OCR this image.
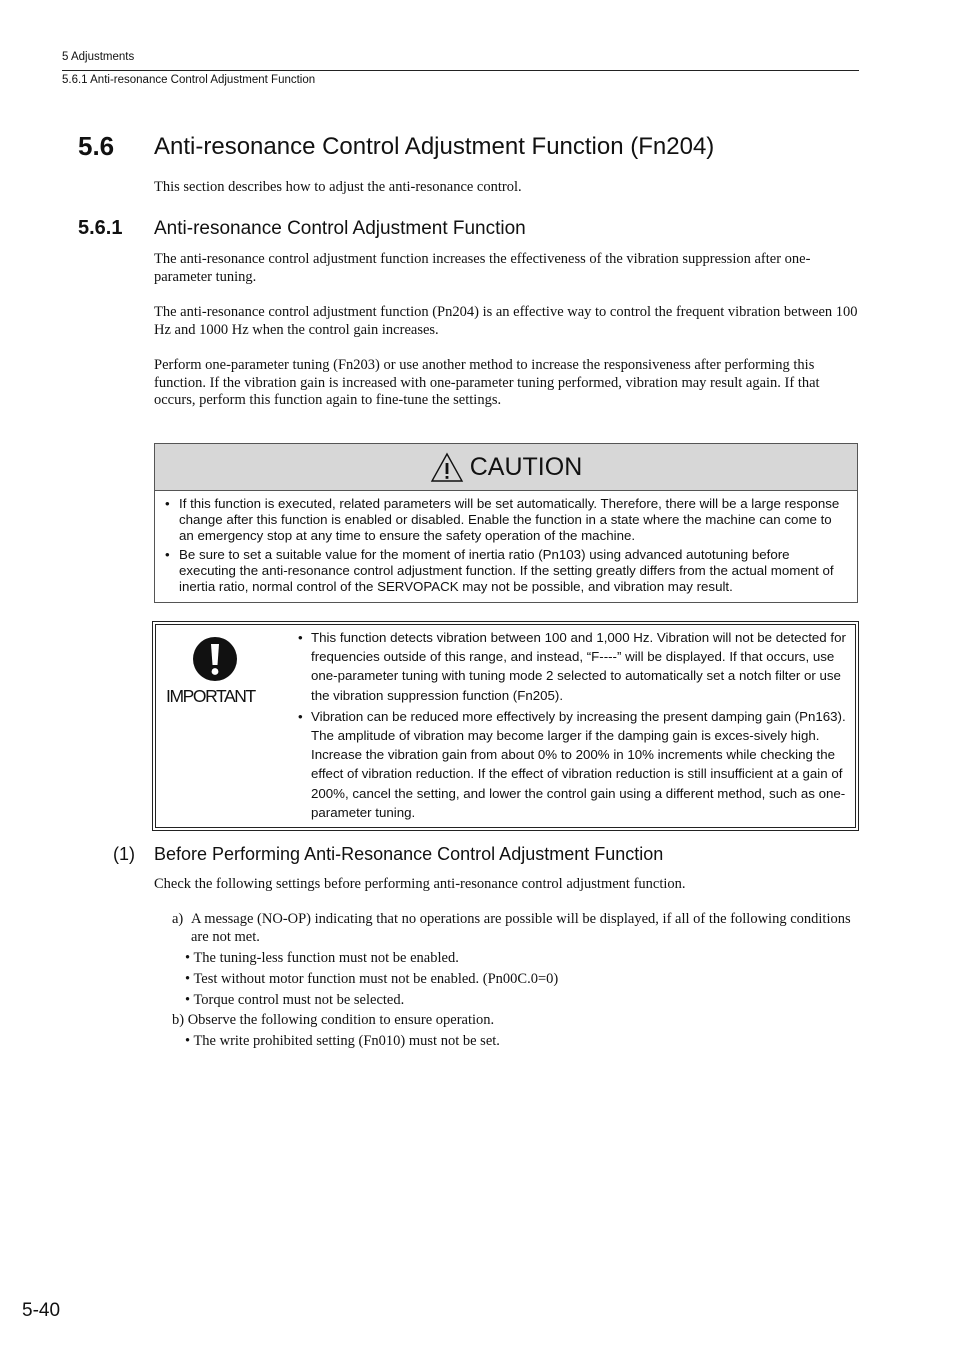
5 Adjustments
5.6.1 Anti-resonance Control Adjustment Function
5.6 Anti-resonance Control Adjustment Function (Fn204)
This section describes how to adjust the anti-resonance control.
5.6.1 Anti-resonance Control Adjustment Function
The anti-resonance control adjustment function increases the effectiveness of the vibration suppression after one-parameter tuning.
The anti-resonance control adjustment function (Pn204) is an effective way to control the frequent vibration between 100 Hz and 1000 Hz when the control gain increases.
Perform one-parameter tuning (Fn203) or use another method to increase the responsiveness after performing this function. If the vibration gain is increased with one-parameter tuning performed, vibration may result again. If that occurs, perform this function again to fine-tune the settings.
CAUTION
• If this function is executed, related parameters will be set automatically. Therefore, there will be a large response change after this function is enabled or disabled. Enable the function in a state where the machine can come to an emergency stop at any time to ensure the safety operation of the machine.
• Be sure to set a suitable value for the moment of inertia ratio (Pn103) using advanced autotuning before executing the anti-resonance control adjustment function. If the setting greatly differs from the actual moment of inertia ratio, normal control of the SERVOPACK may not be possible, and vibration may result.
IMPORTANT
• This function detects vibration between 100 and 1,000 Hz. Vibration will not be detected for frequencies outside of this range, and instead, “F----” will be displayed. If that occurs, use one-parameter tuning with tuning mode 2 selected to automatically set a notch filter or use the vibration suppression function (Fn205).
• Vibration can be reduced more effectively by increasing the present damping gain (Pn163). The amplitude of vibration may become larger if the damping gain is exces-sively high. Increase the vibration gain from about 0% to 200% in 10% increments while checking the effect of vibration reduction. If the effect of vibration reduction is still insufficient at a gain of 200%, cancel the setting, and lower the control gain using a different method, such as one-parameter tuning.
(1) Before Performing Anti-Resonance Control Adjustment Function
Check the following settings before performing anti-resonance control adjustment function.
a) A message (NO-OP) indicating that no operations are possible will be displayed, if all of the following conditions are not met.
• The tuning-less function must not be enabled.
• Test without motor function must not be enabled. (Pn00C.0=0)
• Torque control must not be selected.
b) Observe the following condition to ensure operation.
• The write prohibited setting (Fn010) must not be set.
5-40
